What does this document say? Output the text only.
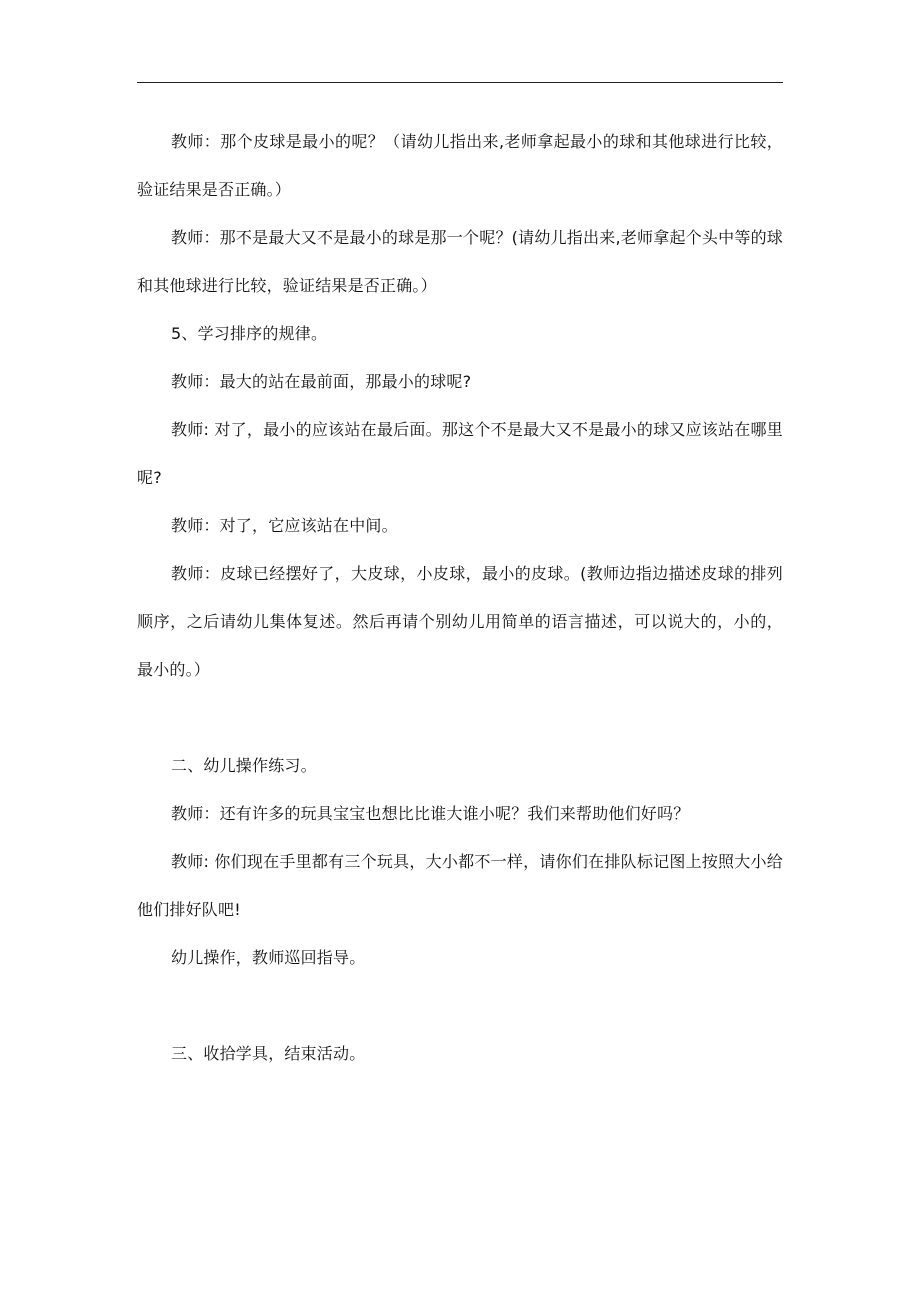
教师：那个皮球是最小的呢？（请幼儿指出来,老师拿起最小的球和其他球进行比较，验证结果是否正确。）

教师：那不是最大又不是最小的球是那一个呢？(请幼儿指出来,老师拿起个头中等的球和其他球进行比较，验证结果是否正确。）

5、学习排序的规律。

教师：最大的站在最前面，那最小的球呢?

教师: 对了，最小的应该站在最后面。那这个不是最大又不是最小的球又应该站在哪里呢?

教师：对了，它应该站在中间。

教师：皮球已经摆好了，大皮球，小皮球，最小的皮球。(教师边指边描述皮球的排列顺序，之后请幼儿集体复述。然后再请个别幼儿用简单的语言描述，可以说大的，小的，最小的。）

二、幼儿操作练习。

教师：还有许多的玩具宝宝也想比比谁大谁小呢？我们来帮助他们好吗？

教师: 你们现在手里都有三个玩具，大小都不一样，请你们在排队标记图上按照大小给他们排好队吧!

幼儿操作，教师巡回指导。

三、收拾学具，结束活动。
